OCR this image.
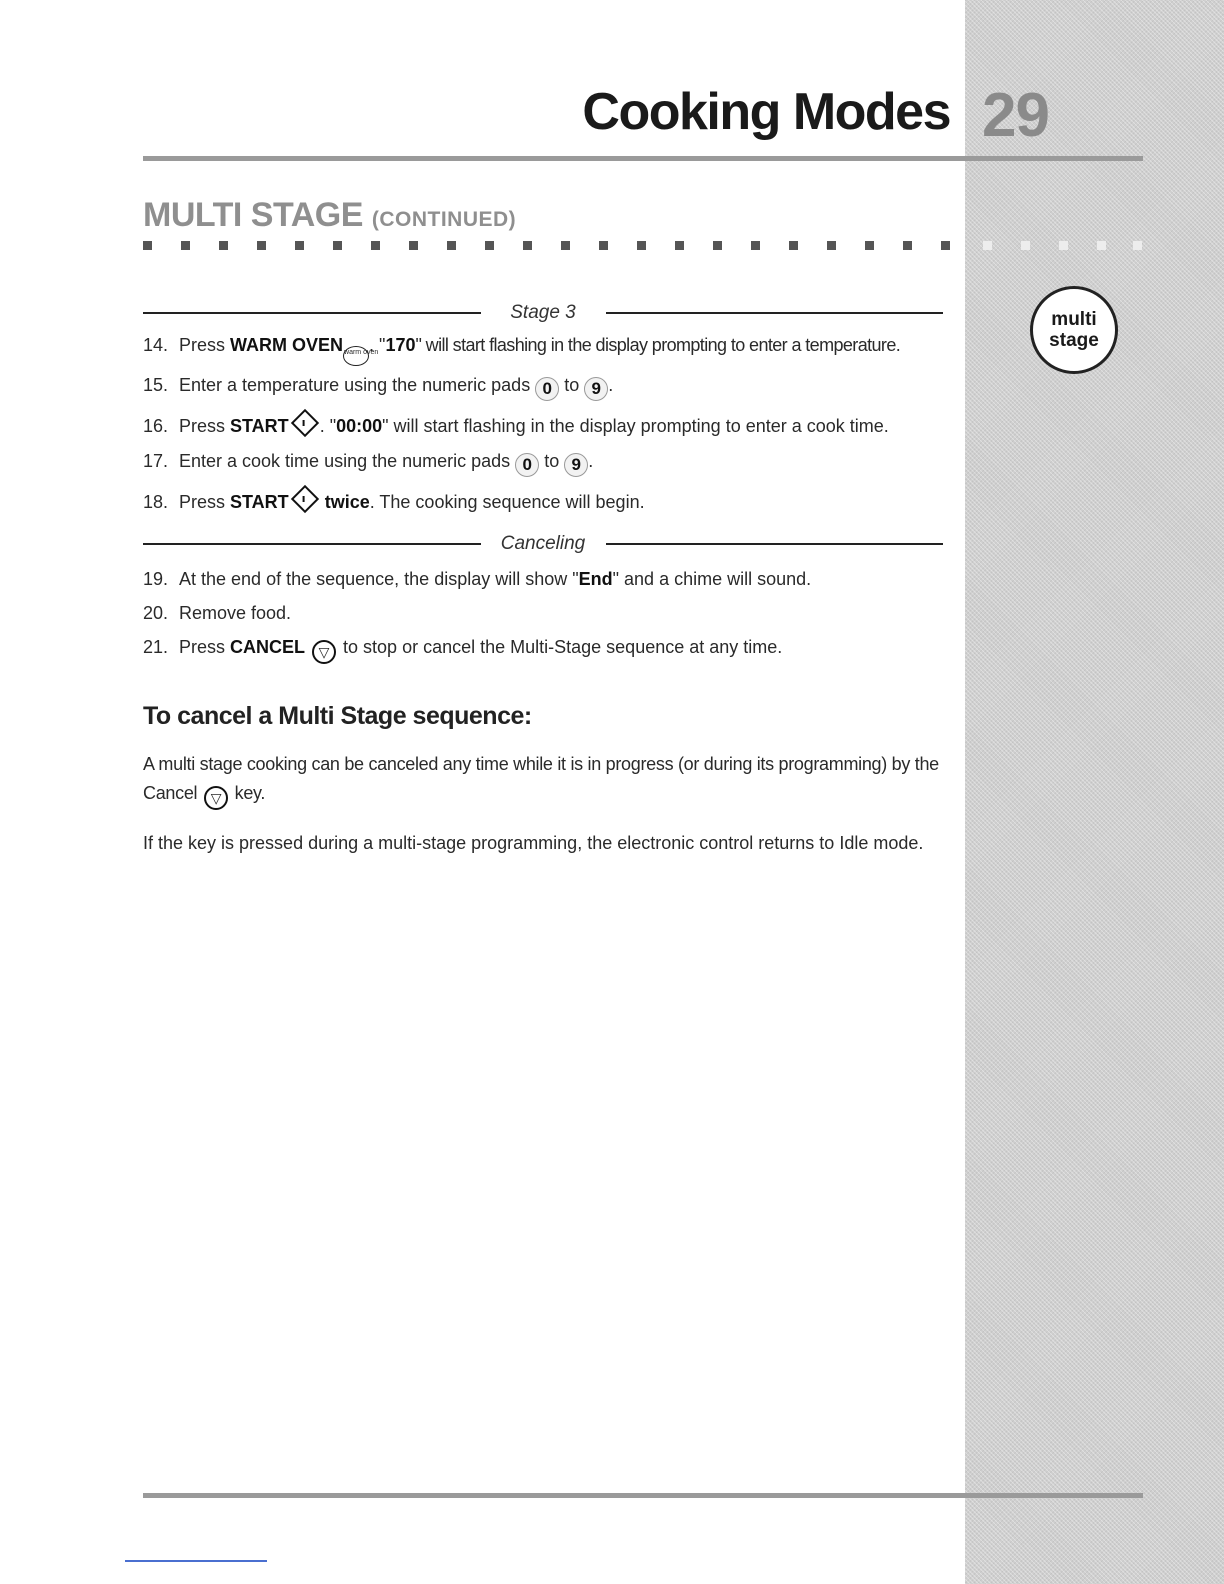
Cooking Modes 29
MULTI STAGE (CONTINUED)
multi
stage
Stage 3
14. Press WARM OVENwarm oven. "170" will start flashing in the display prompting to enter a temperature.
15. Enter a temperature using the numeric pads 0 to 9 .
16. Press START . "00:00" will start flashing in the display prompting to enter a cook time.
17. Enter a cook time using the numeric pads 0 to 9 .
18. Press START twice. The cooking sequence will begin.
Canceling
19. At the end of the sequence, the display will show "End" and a chime will sound.
20. Remove food.
21. Press CANCEL ▽ to stop or cancel the Multi-Stage sequence at any time.
To cancel a Multi Stage sequence:
A multi stage cooking can be canceled any time while it is in progress (or during its programming) by the Cancel ▽ key.
If the key is pressed during a multi-stage programming, the electronic control returns to Idle mode.
